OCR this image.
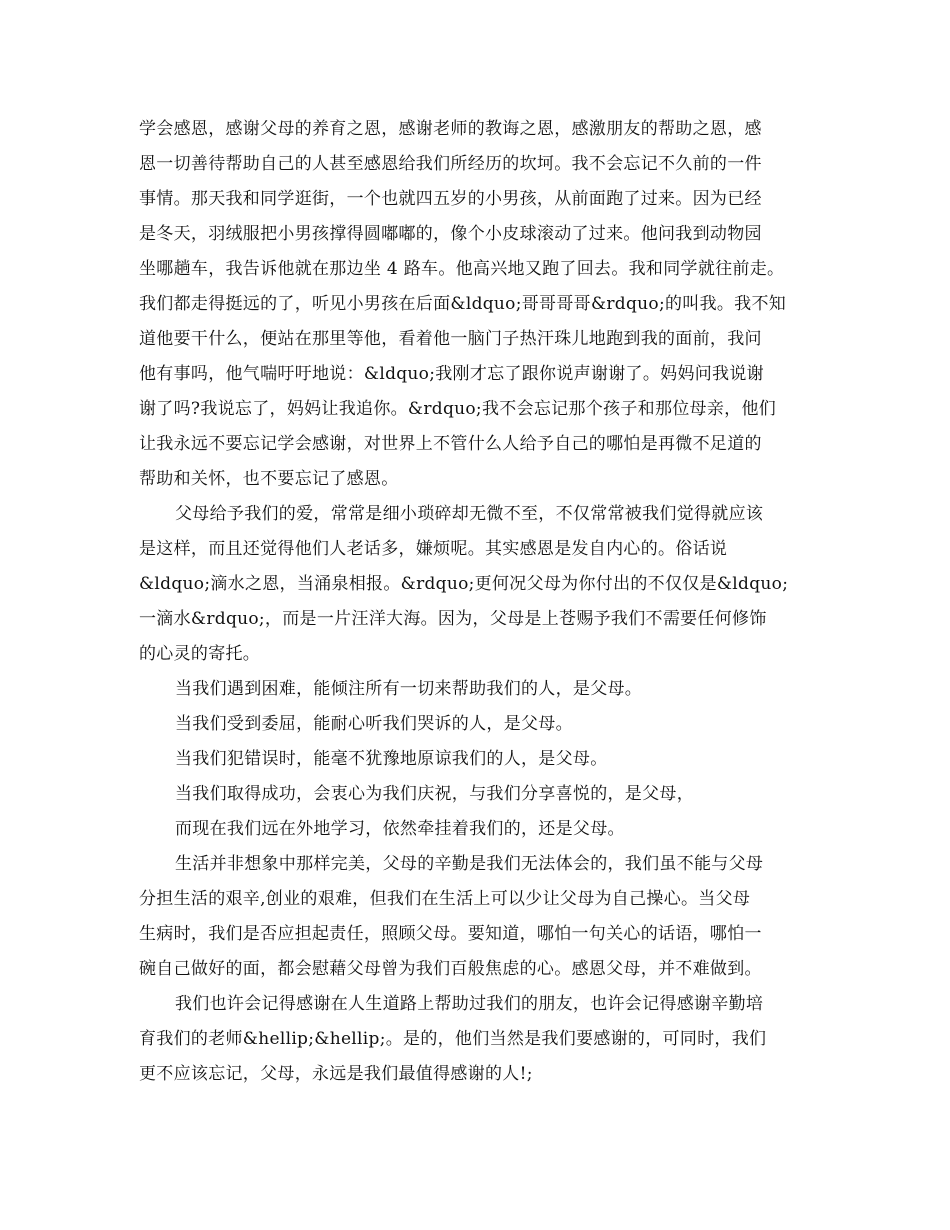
学会感恩，感谢父母的养育之恩，感谢老师的教诲之恩，感激朋友的帮助之恩，感
恩一切善待帮助自己的人甚至感恩给我们所经历的坎坷。我不会忘记不久前的一件
事情。那天我和同学逛街，一个也就四五岁的小男孩，从前面跑了过来。因为已经
是冬天，羽绒服把小男孩撑得圆嘟嘟的，像个小皮球滚动了过来。他问我到动物园
坐哪趟车，我告诉他就在那边坐 4 路车。他高兴地又跑了回去。我和同学就往前走。
我们都走得挺远的了，听见小男孩在后面&ldquo;哥哥哥哥&rdquo;的叫我。我不知
道他要干什么，便站在那里等他，看着他一脑门子热汗珠儿地跑到我的面前，我问
他有事吗，他气喘吁吁地说：&ldquo;我刚才忘了跟你说声谢谢了。妈妈问我说谢
谢了吗?我说忘了，妈妈让我追你。&rdquo;我不会忘记那个孩子和那位母亲，他们
让我永远不要忘记学会感谢，对世界上不管什么人给予自己的哪怕是再微不足道的
帮助和关怀，也不要忘记了感恩。
父母给予我们的爱，常常是细小琐碎却无微不至，不仅常常被我们觉得就应该
是这样，而且还觉得他们人老话多，嫌烦呢。其实感恩是发自内心的。俗话说
&ldquo;滴水之恩，当涌泉相报。&rdquo;更何况父母为你付出的不仅仅是&ldquo;
一滴水&rdquo;，而是一片汪洋大海。因为，父母是上苍赐予我们不需要任何修饰
的心灵的寄托。
当我们遇到困难，能倾注所有一切来帮助我们的人，是父母。
当我们受到委屈，能耐心听我们哭诉的人，是父母。
当我们犯错误时，能毫不犹豫地原谅我们的人，是父母。
当我们取得成功，会衷心为我们庆祝，与我们分享喜悦的，是父母，
而现在我们远在外地学习，依然牵挂着我们的，还是父母。
生活并非想象中那样完美，父母的辛勤是我们无法体会的，我们虽不能与父母
分担生活的艰辛,创业的艰难，但我们在生活上可以少让父母为自己操心。当父母
生病时，我们是否应担起责任，照顾父母。要知道，哪怕一句关心的话语，哪怕一
碗自己做好的面，都会慰藉父母曾为我们百般焦虑的心。感恩父母，并不难做到。
我们也许会记得感谢在人生道路上帮助过我们的朋友，也许会记得感谢辛勤培
育我们的老师&hellip;&hellip;。是的，他们当然是我们要感谢的，可同时，我们
更不应该忘记，父母，永远是我们最值得感谢的人!;
